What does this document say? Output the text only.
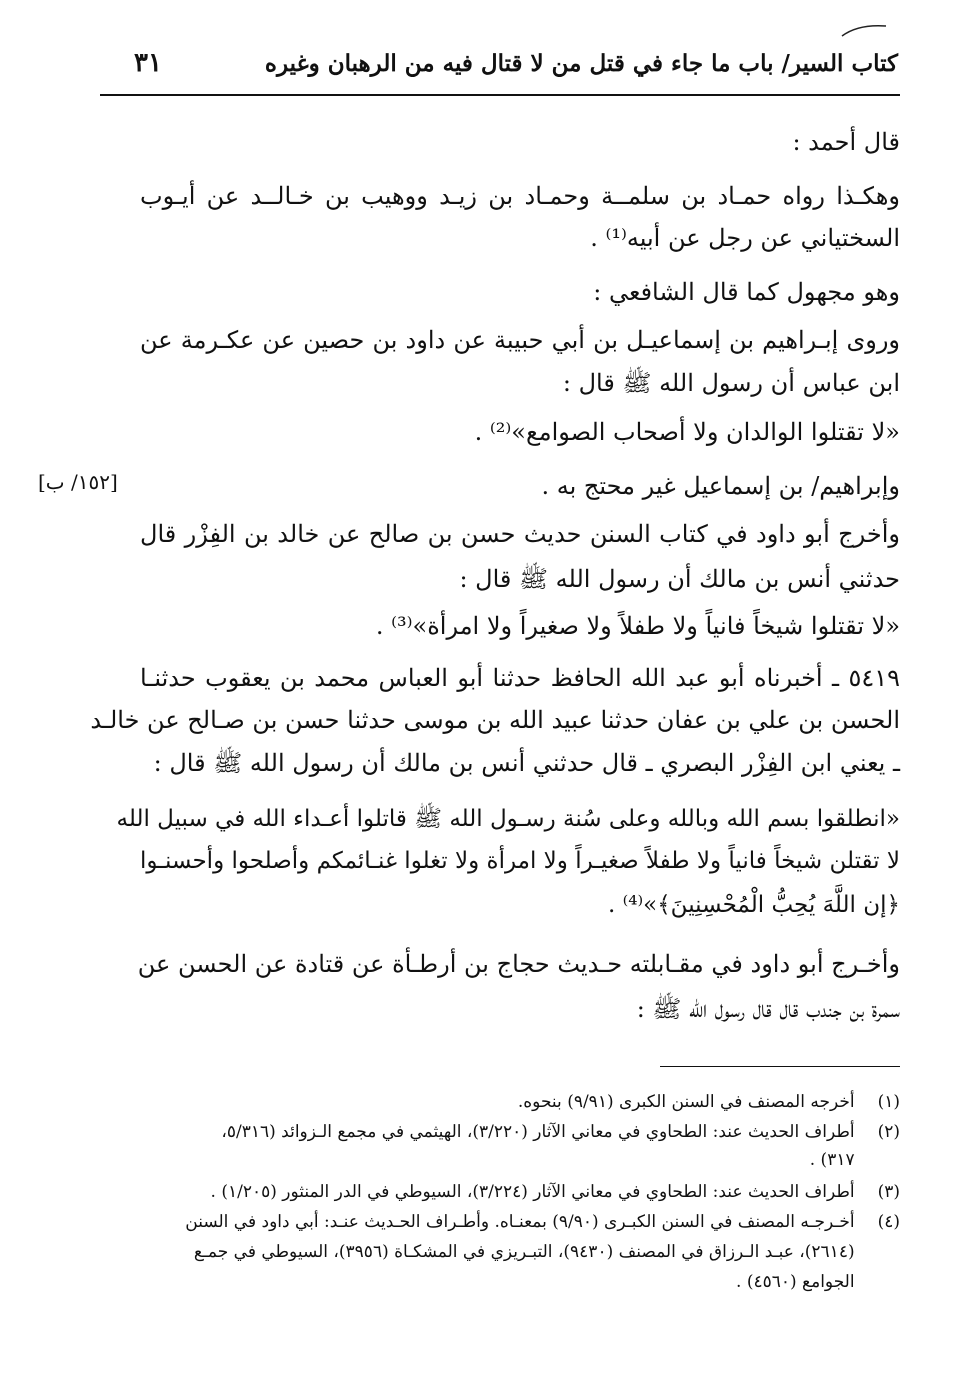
كتاب السير/ باب ما جاء في قتل من لا قتال فيه من الرهبان وغيره
٣١
قال أحمد :
وهكـذا رواه حمـاد بن سلمــة وحمـاد بن زيـد ووهيب بن خـالــد عن أيـوب
السختياني عن رجل عن أبيه⁽¹⁾ .
وهو مجهول كما قال الشافعي :
وروى إبـراهيم بن إسماعيـل بن أبي حبيبة عن داود بن حصين عن عكـرمة عن
ابن عباس أن رسول الله ﷺ قال :
«لا تقتلوا الوالدان ولا أصحاب الصوامع»⁽²⁾ .
وإبراهيم/ بن إسماعيل غير محتج به .
[١٥٢/ ب]
وأخرج أبو داود في كتاب السنن حديث حسن بن صالح عن خالد بن الفِزْر قال
حدثني أنس بن مالك أن رسول الله ﷺ قال :
«لا تقتلوا شيخاً فانياً ولا طفلاً ولا صغيراً ولا امرأة»⁽³⁾ .
٥٤١٩ ـ أخبرناه أبو عبد الله الحافظ حدثنا أبو العباس محمد بن يعقوب حدثنـا
الحسن بن علي بن عفان حدثنا عبيد الله بن موسى حدثنا حسن بن صـالح عن خالـد
ـ يعني ابن الفِزْر البصري ـ قال حدثني أنس بن مالك أن رسول الله ﷺ قال :
«انطلقوا بسم الله وبالله وعلى سُنة رسـول الله ﷺ قاتلوا أعـداء الله في سبيل الله
لا تقتلن شيخاً فانياً ولا طفلاً صغيـراً ولا امرأة ولا تغلوا غنـائمكم وأصلحوا وأحسنـوا
﴿إن اللَّهَ يُحِبُّ الْمُحْسِنِينَ﴾»⁽⁴⁾ .
وأخـرج أبو داود في مقـابلته حـديث حجاج بن أرطـأة عن قتادة عن الحسن عن
سمرة بن جندب قال قال رسول الله ﷺ :
(١) أخرجه المصنف في السنن الكبرى (٩/٩١) بنحوه.
(٢) أطراف الحديث عند: الطحاوي في معاني الآثار (٣/٢٢٠)، الهيثمي في مجمع الـزوائد (٥/٣١٦،
٣١٧) .
(٣) أطراف الحديث عند: الطحاوي في معاني الآثار (٣/٢٢٤)، السيوطي في الدر المنثور (١/٢٠٥) .
(٤) أخـرجـه المصنف في السنن الكبـرى (٩/٩٠) بمعنـاه. وأطـراف الحـديث عنـد: أبي داود في السنن
(٢٦١٤)، عبـد الـرزاق في المصنف (٩٤٣٠)، التبـريزي في المشكـاة (٣٩٥٦)، السيوطي في جمـع
الجوامع (٤٥٦٠) .
